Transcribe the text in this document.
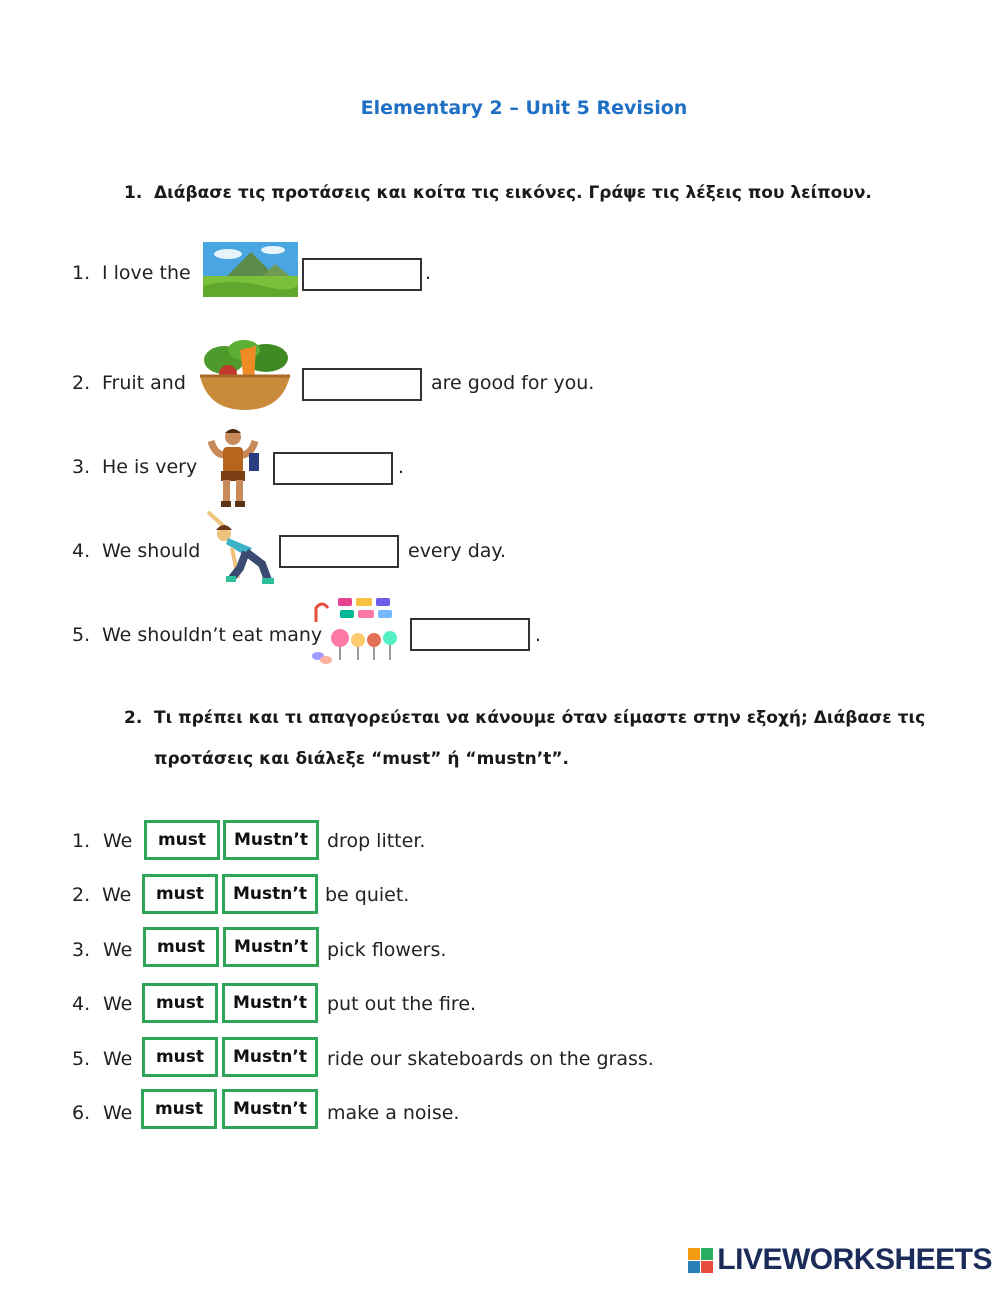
Elementary 2 – Unit 5 Revision
1. Διάβασε τις προτάσεις και κοίτα τις εικόνες. Γράψε τις λέξεις που λείπουν.
1. I love the	.
2. Fruit and	are good for you.
3. He is very	.
4. We should	every day.
5. We shouldn’t eat many	.
2. Τι πρέπει και τι απαγορεύεται να κάνουμε όταν είμαστε στην εξοχή; Διάβασε τις
προτάσεις και διάλεξε “must” ή “mustn’t”.
1. We	must	Mustn’t	drop litter.
2. We	must	Mustn’t be quiet.
3. We	must	Mustn’t	pick flowers.
4. We	must	Mustn’t	put out the fire.
5. We	must	Mustn’t	ride our skateboards on the grass.
6. We	must	Mustn’t	make a noise.
LIVEWORKSHEETS
